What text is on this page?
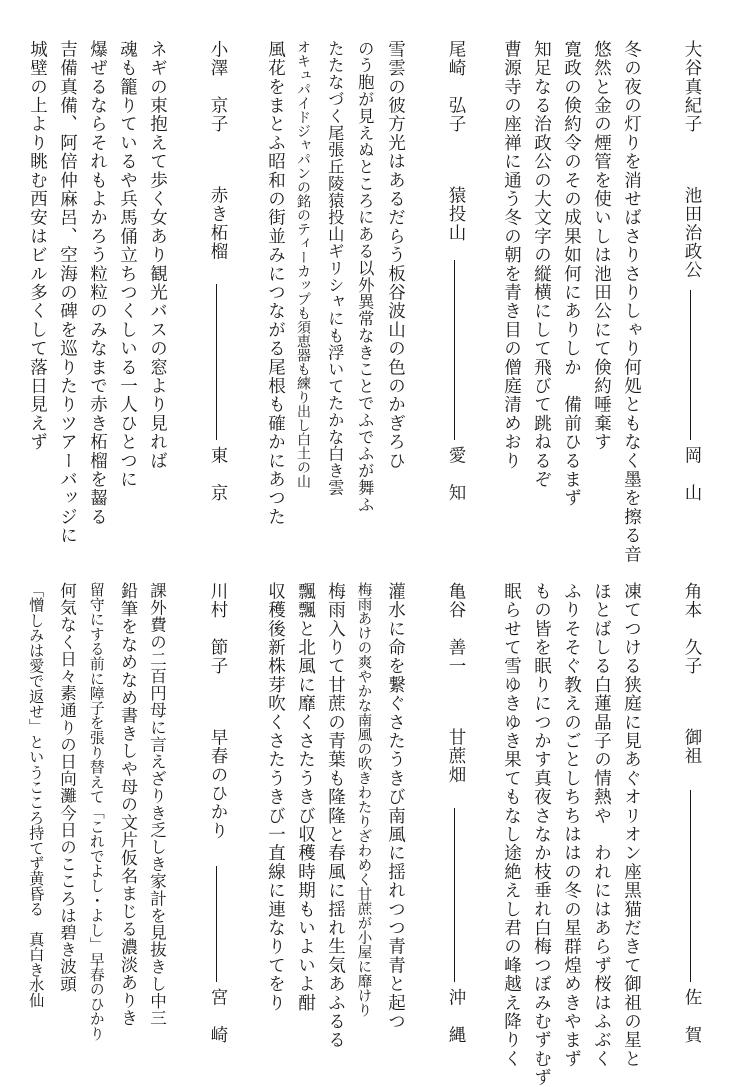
大谷真紀子
池田治政公
岡　山
冬の夜の灯りを消せばさりさりしゃり何処ともなく墨を擦る音
悠然と金の煙管を使いしは池田公にて倹約唾棄す
寛政の倹約令のその成果如何にありしか　備前ひるまず
知足なる治政公の大文字の縦横にして飛びて跳ねるぞ
曹源寺の座禅に通う冬の朝を青き目の僧庭清めおり
尾崎　弘子
猿投山
愛　知
雪雲の彼方光はあるだらう板谷波山の色のかぎろひ
のう胞が見えぬところにある以外異常なきことでふでふが舞ふ
たたなづく尾張丘陵猿投山ギリシャにも浮いてたかな白き雲
オキュパイドジャパンの銘のティーカップも須恵器も練り出し白土の山
風花をまとふ昭和の街並みにつながる尾根も確かにあつた
小澤　京子
赤き柘榴
東　京
ネギの束抱えて歩く女あり観光バスの窓より見れば
魂も籠りているや兵馬俑立ちつくしいる一人ひとつに
爆ぜるならそれもよかろう粒粒のみなまで赤き柘榴を齧る
吉備真備、阿倍仲麻呂、空海の碑を巡りたりツアーバッジに
城壁の上より眺む西安はビル多くして落日見えず
角本　久子
御祖
佐　賀
凍てつける狭庭に見あぐオリオン座黒猫だきて御祖の星と
ほとばしる白蓮晶子の情熱や　われにはあらず桜はふぶく
ふりそそぐ教えのごとしちちははの冬の星群煌めきやまず
もの皆を眠りにつかす真夜さなか枝垂れ白梅つぼみむずむず
眠らせて雪ゆきゆき果てもなし途絶えし君の峰越え降りく
亀谷　善一
甘蔗畑
沖　縄
灌水に命を繋ぐさたうきび南風に揺れつつ青青と起つ
梅雨あけの爽やかな南風の吹きわたりざわめく甘蔗が小屋に靡けり
梅雨入りて甘蔗の青葉も隆隆と春風に揺れ生気あふるる
飄飄と北風に靡くさたうきび収穫時期もいよいよ酣
収穫後新株芽吹くさたうきび一直線に連なりてをり
川村　節子
早春のひかり
宮　崎
課外費の二百円母に言えざりき乏しき家計を見抜きし中三
鉛筆をなめなめ書きしや母の文片仮名まじる濃淡ありき
留守にする前に障子を張り替えて「これでよし・よし」早春のひかり
何気なく日々素通りの日向灘今日のこころは碧き波頭
「憎しみは愛で返せ」というこころ持てず黄昏る　真白き水仙
